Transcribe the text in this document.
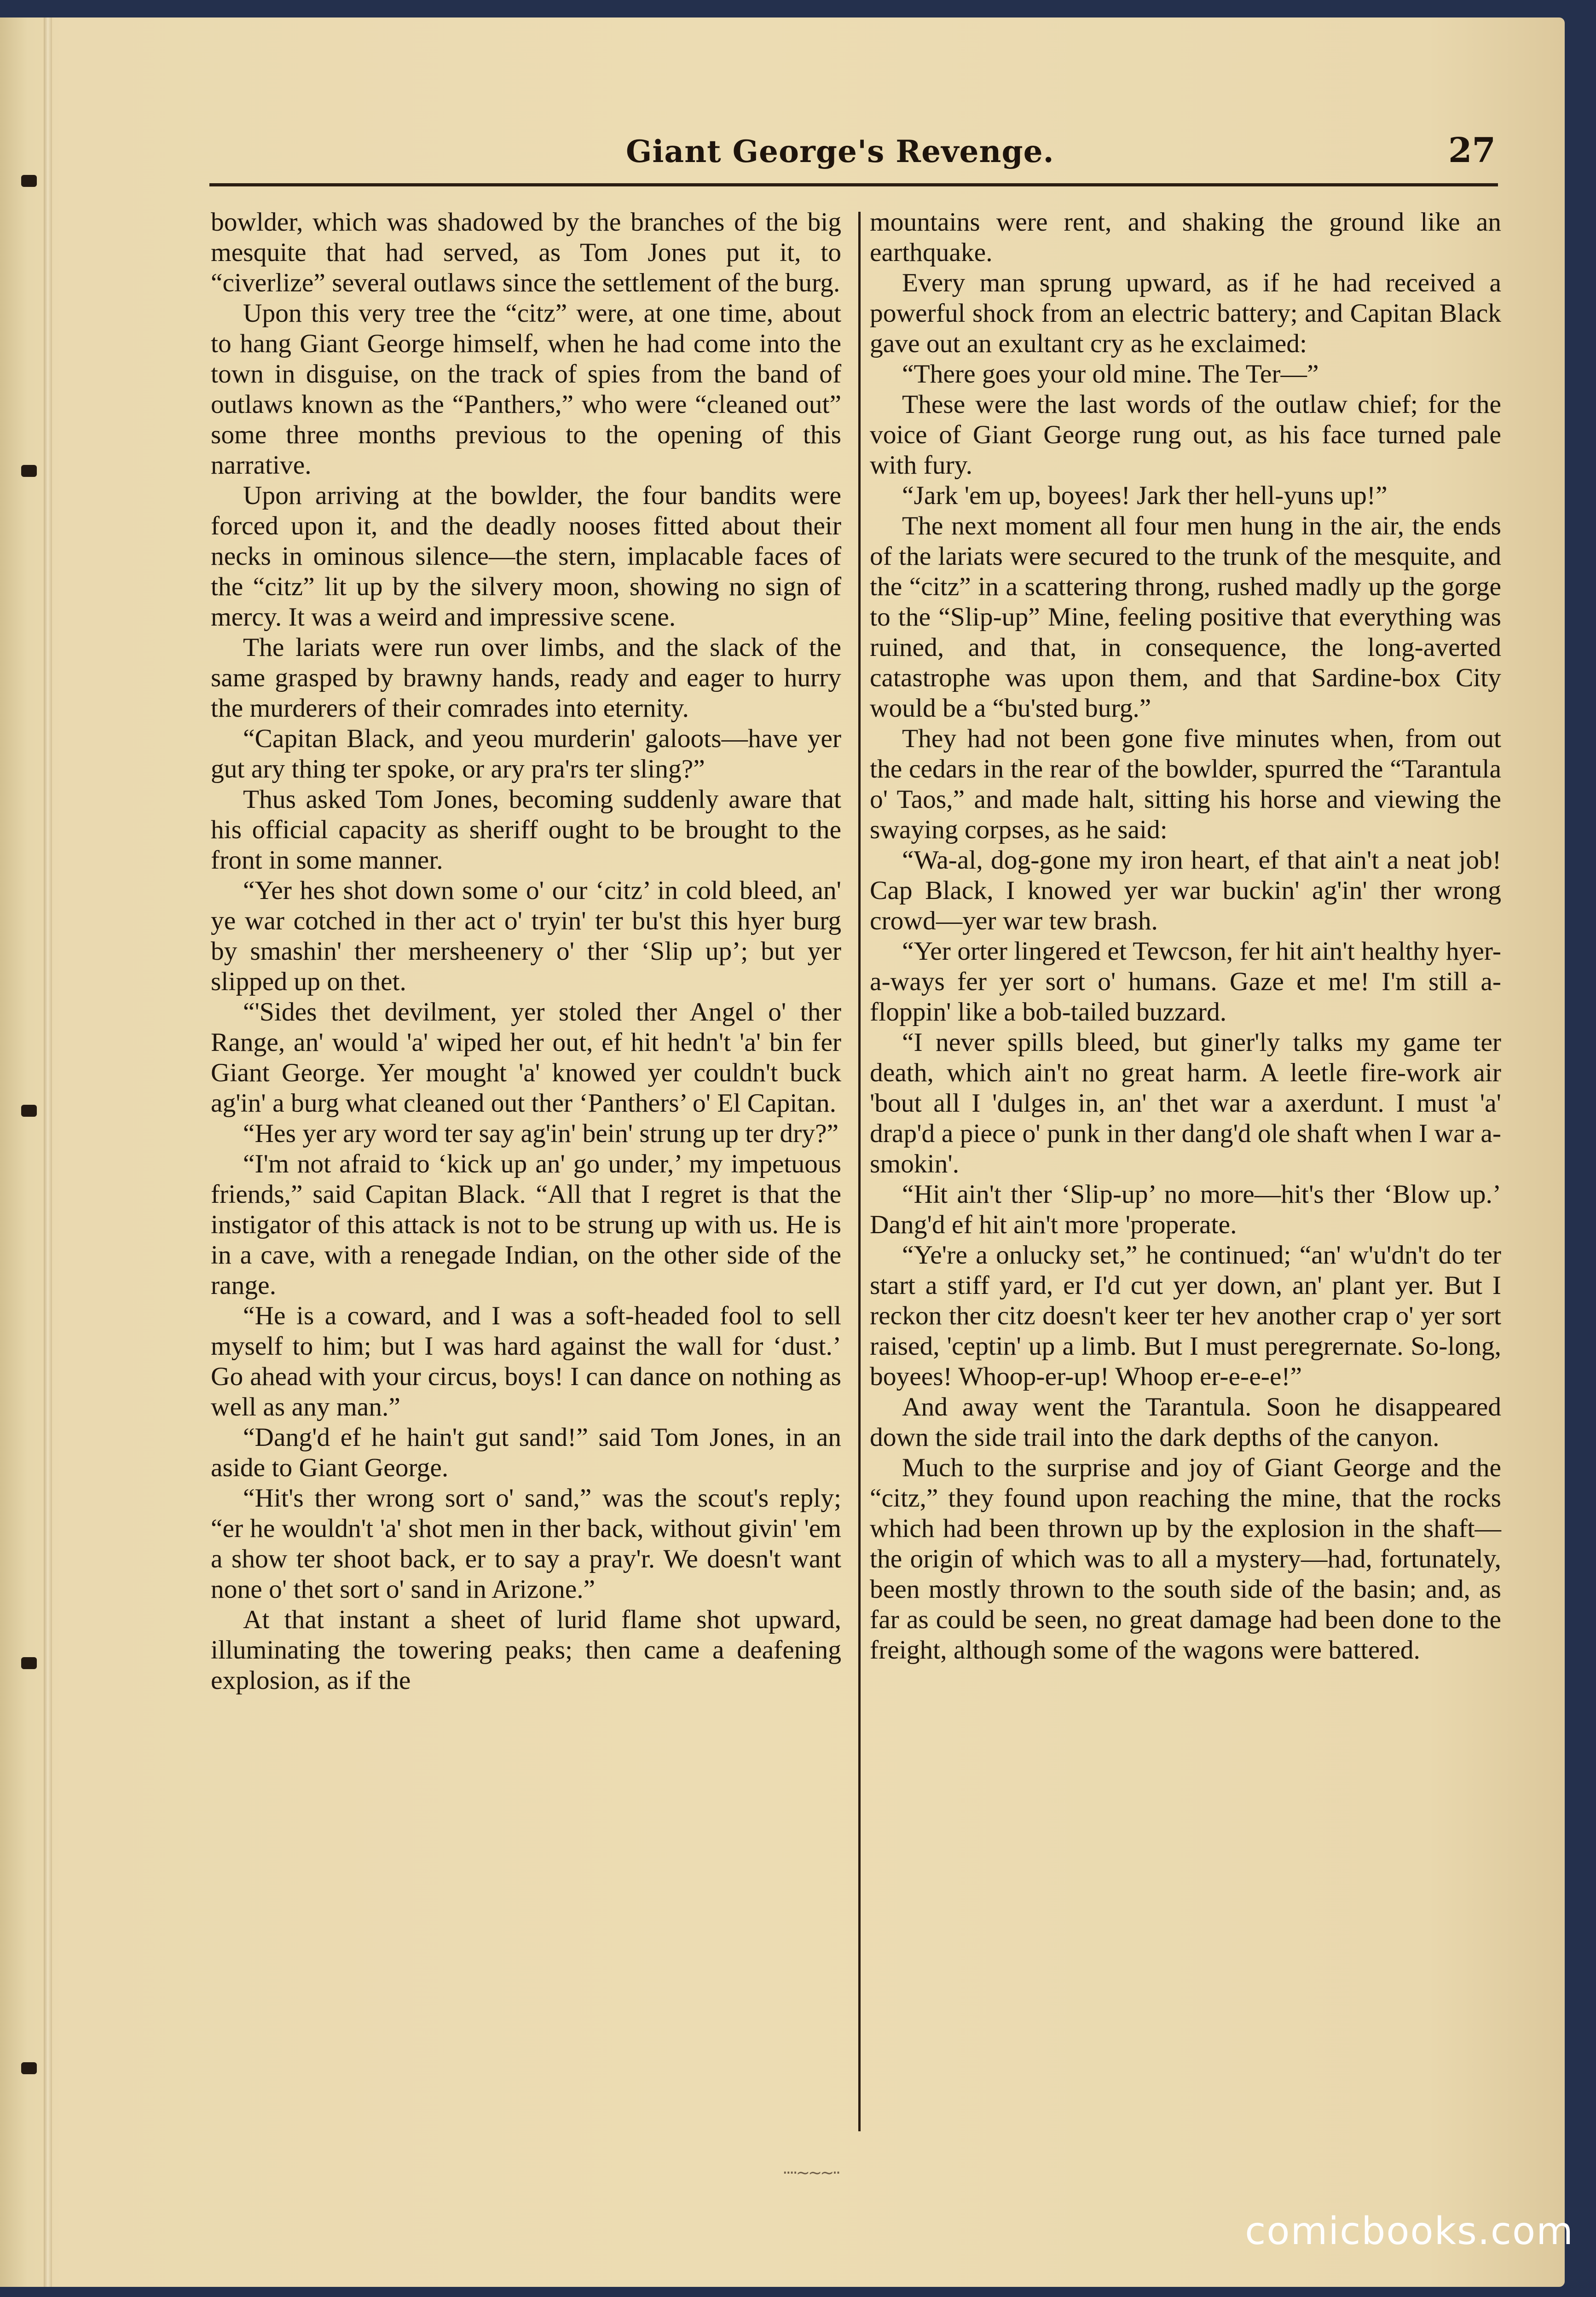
Giant George's Revenge.	27

bowlder, which was shadowed by the branches of the big mesquite that had served, as Tom Jones put it, to “civerlize” several outlaws since the settlement of the burg.

Upon this very tree the “citz” were, at one time, about to hang Giant George himself, when he had come into the town in disguise, on the track of spies from the band of outlaws known as the “Panthers,” who were “cleaned out” some three months previous to the opening of this narrative.

Upon arriving at the bowlder, the four bandits were forced upon it, and the deadly nooses fitted about their necks in ominous silence—the stern, implacable faces of the “citz” lit up by the silvery moon, showing no sign of mercy. It was a weird and impressive scene.

The lariats were run over limbs, and the slack of the same grasped by brawny hands, ready and eager to hurry the murderers of their comrades into eternity.

“Capitan Black, and yeou murderin' galoots—have yer gut ary thing ter spoke, or ary pra'rs ter sling?”

Thus asked Tom Jones, becoming suddenly aware that his official capacity as sheriff ought to be brought to the front in some manner.

“Yer hes shot down some o' our ‘citz’ in cold bleed, an' ye war cotched in ther act o' tryin' ter bu'st this hyer burg by smashin' ther mersheenery o' ther ‘Slip up’; but yer slipped up on thet.

“'Sides thet devilment, yer stoled ther Angel o' ther Range, an' would 'a' wiped her out, ef hit hedn't 'a' bin fer Giant George. Yer mought 'a' knowed yer couldn't buck ag'in' a burg what cleaned out ther ‘Panthers’ o' El Capitan.

“Hes yer ary word ter say ag'in' bein' strung up ter dry?”

“I'm not afraid to ‘kick up an' go under,’ my impetuous friends,” said Capitan Black. “All that I regret is that the instigator of this attack is not to be strung up with us. He is in a cave, with a renegade Indian, on the other side of the range.

“He is a coward, and I was a soft-headed fool to sell myself to him; but I was hard against the wall for ‘dust.’ Go ahead with your circus, boys! I can dance on nothing as well as any man.”

“Dang'd ef he hain't gut sand!” said Tom Jones, in an aside to Giant George.

“Hit's ther wrong sort o' sand,” was the scout's reply; “er he wouldn't 'a' shot men in ther back, without givin' 'em a show ter shoot back, er to say a pray'r. We doesn't want none o' thet sort o' sand in Arizone.”

At that instant a sheet of lurid flame shot upward, illuminating the towering peaks; then came a deafening explosion, as if the

mountains were rent, and shaking the ground like an earthquake.

Every man sprung upward, as if he had received a powerful shock from an electric battery; and Capitan Black gave out an exultant cry as he exclaimed:

“There goes your old mine. The Ter—”

These were the last words of the outlaw chief; for the voice of Giant George rung out, as his face turned pale with fury.

“Jark 'em up, boyees! Jark ther hell-yuns up!”

The next moment all four men hung in the air, the ends of the lariats were secured to the trunk of the mesquite, and the “citz” in a scattering throng, rushed madly up the gorge to the “Slip-up” Mine, feeling positive that everything was ruined, and that, in consequence, the long-averted catastrophe was upon them, and that Sardine-box City would be a “bu'sted burg.”

They had not been gone five minutes when, from out the cedars in the rear of the bowlder, spurred the “Tarantula o' Taos,” and made halt, sitting his horse and viewing the swaying corpses, as he said:

“Wa-al, dog-gone my iron heart, ef that ain't a neat job! Cap Black, I knowed yer war buckin' ag'in' ther wrong crowd—yer war tew brash.

“Yer orter lingered et Tewcson, fer hit ain't healthy hyer-a-ways fer yer sort o' humans. Gaze et me! I'm still a-floppin' like a bob-tailed buzzard.

“I never spills bleed, but giner'ly talks my game ter death, which ain't no great harm. A leetle fire-work air 'bout all I 'dulges in, an' thet war a axerdunt. I must 'a' drap'd a piece o' punk in ther dang'd ole shaft when I war a-smokin'.

“Hit ain't ther ‘Slip-up’ no more—hit's ther ‘Blow up.’ Dang'd ef hit ain't more 'properate.

“Ye're a onlucky set,” he continued; “an' w'u'dn't do ter start a stiff yard, er I'd cut yer down, an' plant yer. But I reckon ther citz doesn't keer ter hev another crap o' yer sort raised, 'ceptin' up a limb. But I must peregrernate. So-long, boyees! Whoop-er-up! Whoop er-e-e-e!”

And away went the Tarantula. Soon he disappeared down the side trail into the dark depths of the canyon.

Much to the surprise and joy of Giant George and the “citz,” they found upon reaching the mine, that the rocks which had been thrown up by the explosion in the shaft—the origin of which was to all a mystery—had, fortunately, been mostly thrown to the south side of the basin; and, as far as could be seen, no great damage had been done to the freight, although some of the wagons were battered.

····~~~··
comicbooks.com
